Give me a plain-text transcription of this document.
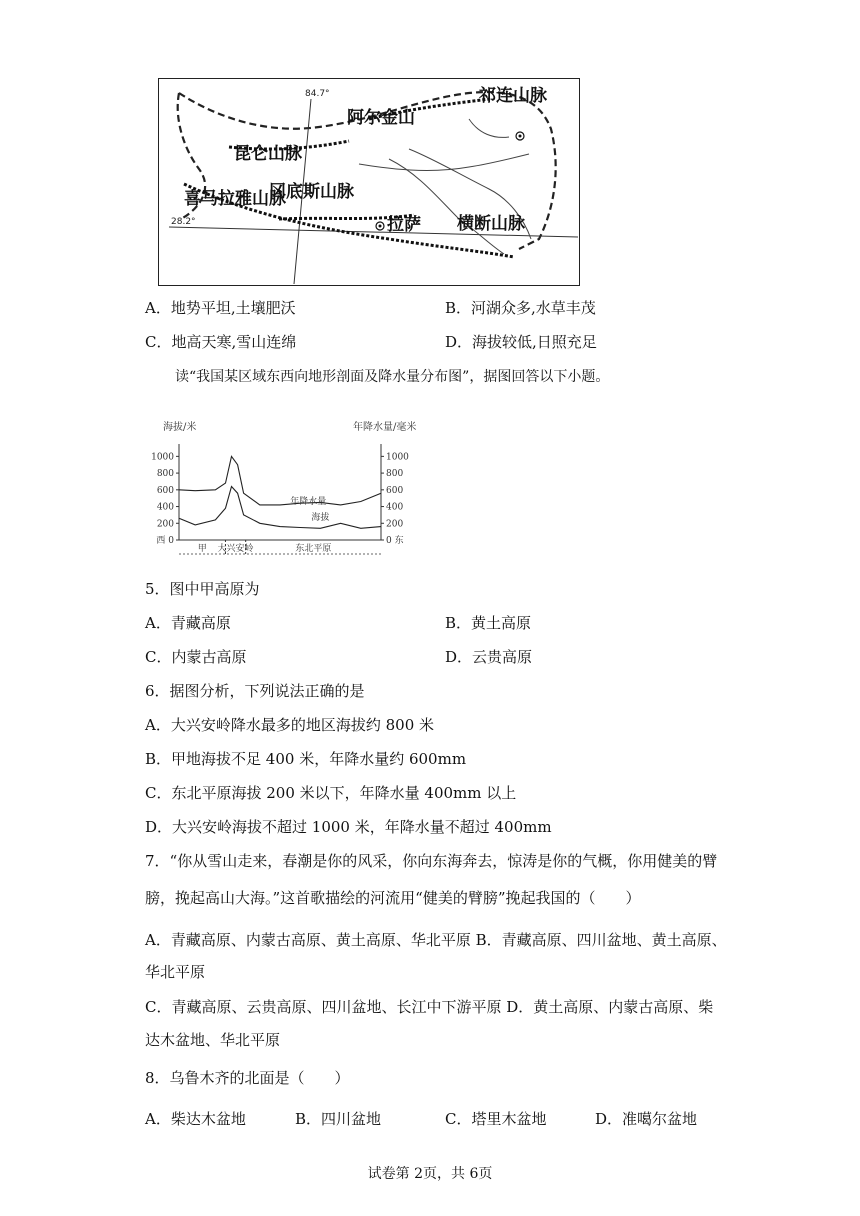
84.7°
28.2°
祁连山脉
阿尔金山
昆仑山脉
冈底斯山脉
拉萨
喜马拉雅山脉
横断山脉
A．地势平坦,土壤肥沃	B．河湖众多,水草丰茂
C．地高天寒,雪山连绵	D．海拔较低,日照充足
读“我国某区域东西向地形剖面及降水量分布图”，据图回答以下小题。
海拔/米	年降水量/毫米
西 0	0 东
200	200
400	400
600	600
800	800
1000	1000
甲 大兴安岭	东北平原
年降水量
海拔
5．图中甲高原为
A．青藏高原	B．黄土高原
C．内蒙古高原	D．云贵高原
6．据图分析，下列说法正确的是
A．大兴安岭降水最多的地区海拔约 800 米
B．甲地海拔不足 400 米，年降水量约 600mm
C．东北平原海拔 200 米以下，年降水量 400mm 以上
D．大兴安岭海拔不超过 1000 米，年降水量不超过 400mm
7．“你从雪山走来，春潮是你的风采，你向东海奔去，惊涛是你的气概，你用健美的臂
膀，挽起高山大海。”这首歌描绘的河流用“健美的臂膀”挽起我国的（　　）
A．青藏高原、内蒙古高原、黄土高原、华北平原 B．青藏高原、四川盆地、黄土高原、
华北平原
C．青藏高原、云贵高原、四川盆地、长江中下游平原 D．黄土高原、内蒙古高原、柴
达木盆地、华北平原
8．乌鲁木齐的北面是（　　）
A．柴达木盆地	B．四川盆地	C．塔里木盆地	D．准噶尔盆地
试卷第 2页，共 6页
